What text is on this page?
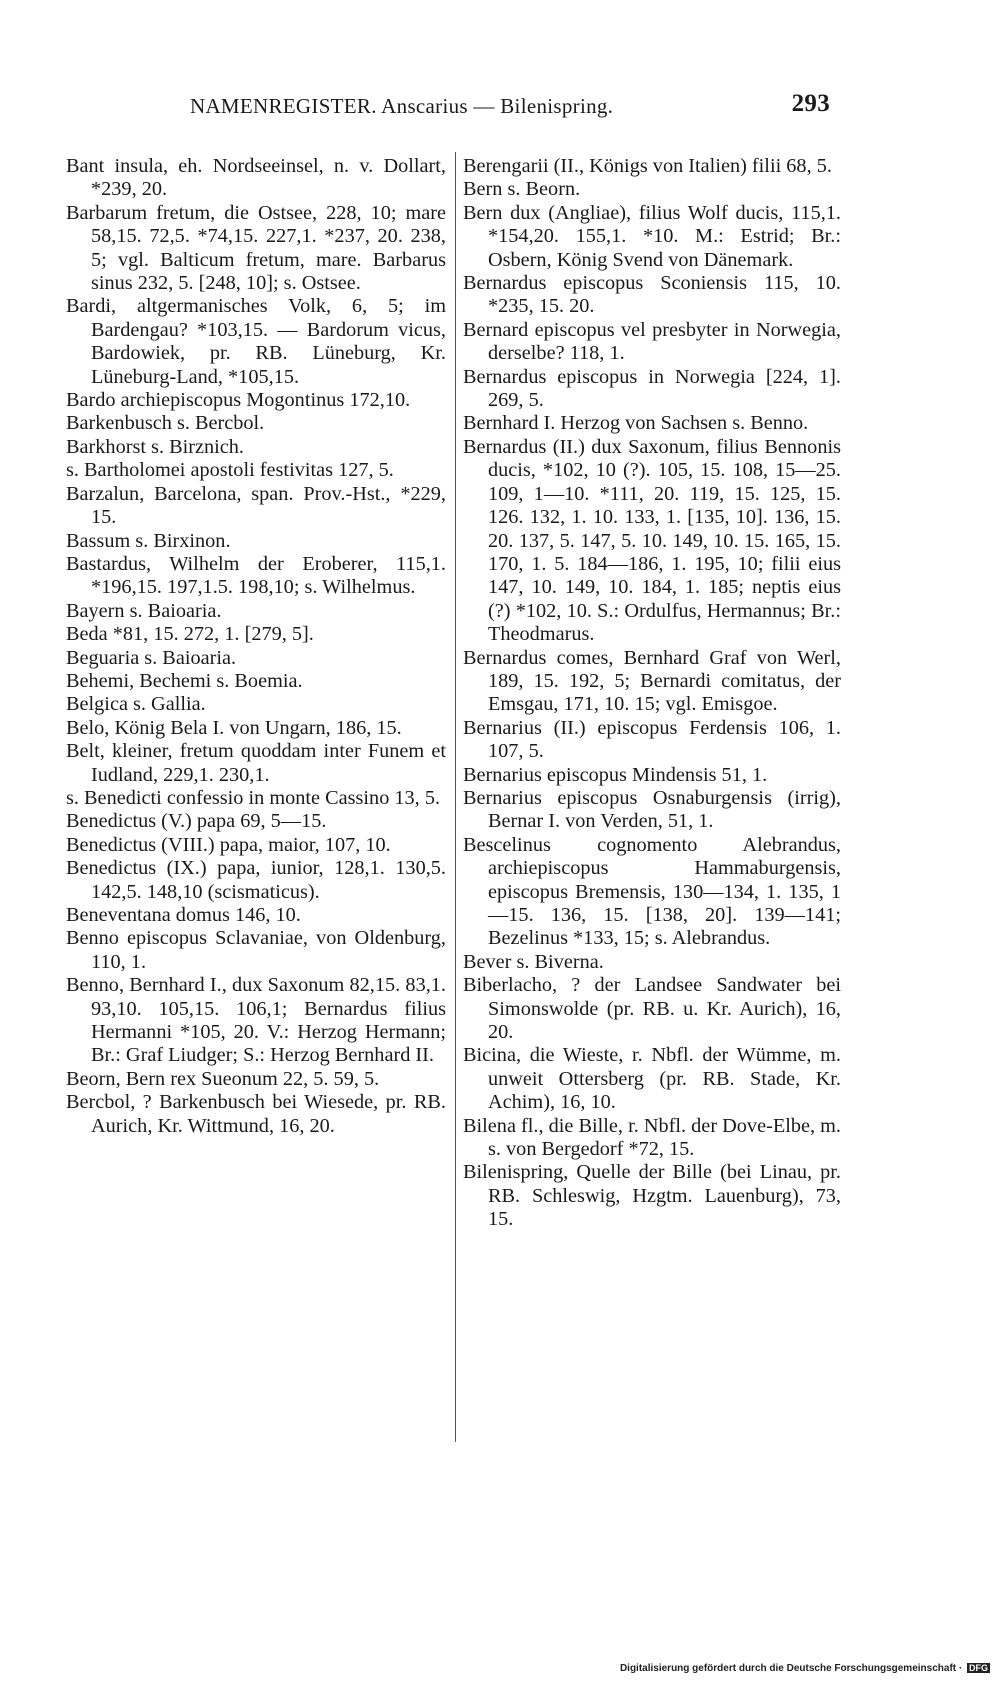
NAMENREGISTER. Anscarius — Bilenispring.	293

Bant insula, eh. Nordseeinsel, n. v. Dollart, *239, 20.

Barbarum fretum, die Ostsee, 228, 10; mare 58,15. 72,5. *74,15. 227,1. *237, 20. 238, 5; vgl. Balticum fretum, mare. Barbarus sinus 232, 5. [248, 10]; s. Ostsee.

Bardi, altgermanisches Volk, 6, 5; im Bardengau? *103,15. — Bardorum vicus, Bardowiek, pr. RB. Lüneburg, Kr. Lüneburg-Land, *105,15.

Bardo archiepiscopus Mogontinus 172,10.

Barkenbusch s. Bercbol.

Barkhorst s. Birznich.

s. Bartholomei apostoli festivitas 127, 5.

Barzalun, Barcelona, span. Prov.-Hst., *229, 15.

Bassum s. Birxinon.

Bastardus, Wilhelm der Eroberer, 115,1. *196,15. 197,1.5. 198,10; s. Wilhelmus.

Bayern s. Baioaria.

Beda *81, 15. 272, 1. [279, 5].

Beguaria s. Baioaria.

Behemi, Bechemi s. Boemia.

Belgica s. Gallia.

Belo, König Bela I. von Ungarn, 186, 15.

Belt, kleiner, fretum quoddam inter Funem et Iudland, 229,1. 230,1.

s. Benedicti confessio in monte Cassino 13, 5.

Benedictus (V.) papa 69, 5—15.

Benedictus (VIII.) papa, maior, 107, 10.

Benedictus (IX.) papa, iunior, 128,1. 130,5. 142,5. 148,10 (scismaticus).

Beneventana domus 146, 10.

Benno episcopus Sclavaniae, von Oldenburg, 110, 1.

Benno, Bernhard I., dux Saxonum 82,15. 83,1. 93,10. 105,15. 106,1; Bernardus filius Hermanni *105, 20. V.: Herzog Hermann; Br.: Graf Liudger; S.: Herzog Bernhard II.

Beorn, Bern rex Sueonum 22, 5. 59, 5.

Bercbol, ? Barkenbusch bei Wiesede, pr. RB. Aurich, Kr. Wittmund, 16, 20.

Berengarii (II., Königs von Italien) filii 68, 5.

Bern s. Beorn.

Bern dux (Angliae), filius Wolf ducis, 115,1. *154,20. 155,1. *10. M.: Estrid; Br.: Osbern, König Svend von Dänemark.

Bernardus episcopus Sconiensis 115, 10. *235, 15. 20.

Bernard episcopus vel presbyter in Norwegia, derselbe? 118, 1.

Bernardus episcopus in Norwegia [224, 1]. 269, 5.

Bernhard I. Herzog von Sachsen s. Benno.

Bernardus (II.) dux Saxonum, filius Bennonis ducis, *102, 10 (?). 105, 15. 108, 15—25. 109, 1—10. *111, 20. 119, 15. 125, 15. 126. 132, 1. 10. 133, 1. [135, 10]. 136, 15. 20. 137, 5. 147, 5. 10. 149, 10. 15. 165, 15. 170, 1. 5. 184—186, 1. 195, 10; filii eius 147, 10. 149, 10. 184, 1. 185; neptis eius (?) *102, 10. S.: Ordulfus, Hermannus; Br.: Theodmarus.

Bernardus comes, Bernhard Graf von Werl, 189, 15. 192, 5; Bernardi comitatus, der Emsgau, 171, 10. 15; vgl. Emisgoe.

Bernarius (II.) episcopus Ferdensis 106, 1. 107, 5.

Bernarius episcopus Mindensis 51, 1.

Bernarius episcopus Osnaburgensis (irrig), Bernar I. von Verden, 51, 1.

Bescelinus cognomento Alebrandus, archiepiscopus Hammaburgensis, episcopus Bremensis, 130—134, 1. 135, 1—15. 136, 15. [138, 20]. 139—141; Bezelinus *133, 15; s. Alebrandus.

Bever s. Biverna.

Biberlacho, ? der Landsee Sandwater bei Simonswolde (pr. RB. u. Kr. Aurich), 16, 20.

Bicina, die Wieste, r. Nbfl. der Wümme, m. unweit Ottersberg (pr. RB. Stade, Kr. Achim), 16, 10.

Bilena fl., die Bille, r. Nbfl. der Dove-Elbe, m. s. von Bergedorf *72, 15.

Bilenispring, Quelle der Bille (bei Linau, pr. RB. Schleswig, Hzgtm. Lauenburg), 73, 15.

Digitalisierung gefördert durch die Deutsche Forschungsgemeinschaft · DFG
